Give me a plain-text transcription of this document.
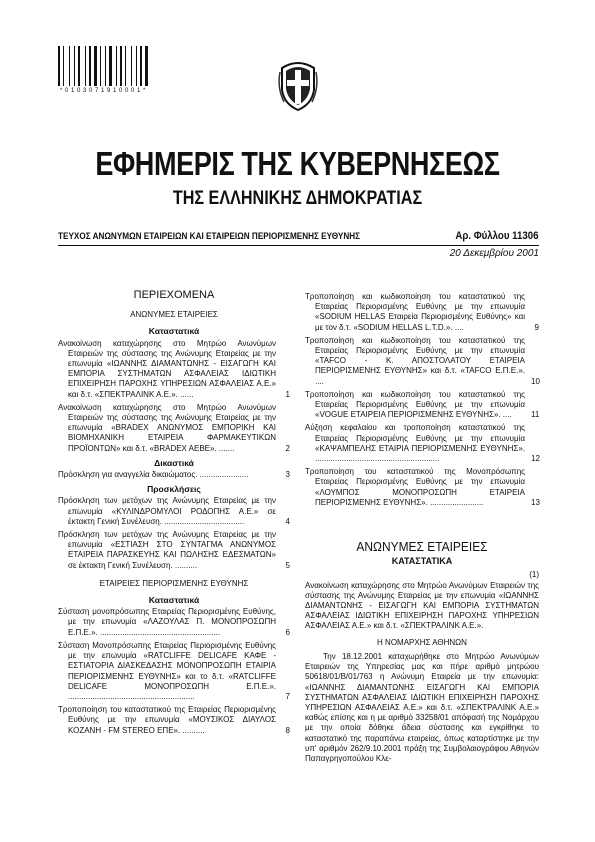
* 0 1 0 3 0 7 1 9 1 0 0 0 1 *
ΕΦΗΜΕΡΙΣ ΤΗΣ ΚΥΒΕΡΝΗΣΕΩΣ
ΤΗΣ ΕΛΛΗΝΙΚΗΣ ΔΗΜΟΚΡΑΤΙΑΣ
ΤΕΥΧΟΣ ΑΝΩΝΥΜΩΝ ΕΤΑΙΡΕΙΩΝ ΚΑΙ ΕΤΑΙΡΕΙΩΝ ΠΕΡΙΟΡΙΣΜΕΝΗΣ ΕΥΘΥΝΗΣ	Αρ. Φύλλου 11306
20 Δεκεμβρίου 2001
ΠΕΡΙΕΧΟΜΕΝΑ
ΑΝΩΝΥΜΕΣ ΕΤΑΙΡΕΙΕΣ
Καταστατικά
Ανακοίνωση καταχώρησης στο Μητρώο Ανωνύμων Εταιρειών της σύστασης της Ανώνυμης Εταιρείας με την επωνυμία «ΙΩΑΝΝΗΣ ΔΙΑΜΑΝΤΩΝΗΣ - ΕΙΣΑΓΩΓΗ ΚΑΙ ΕΜΠΟΡΙΑ ΣΥΣΤΗΜΑΤΩΝ ΑΣΦΑΛΕΙΑΣ ΙΔΙΩΤΙΚΗ ΕΠΙΧΕΙΡΗΣΗ ΠΑΡΟΧΗΣ ΥΠΗΡΕΣΙΩΝ ΑΣΦΑΛΕΙΑΣ Α.Ε.» και δ.τ. «ΣΠΕΚΤΡΑΛΙΝΚ Α.Ε.». ......	1
Ανακοίνωση καταχώρησης στο Μητρώο Ανωνύμων Εταιρειών της σύστασης της Ανώνυμης Εταιρείας με την επωνυμία «BRADEX ΑΝΩΝΥΜΟΣ ΕΜΠΟΡΙΚΗ ΚΑΙ ΒΙΟΜΗΧΑΝΙΚΗ ΕΤΑΙΡΕΙΑ ΦΑΡΜΑΚΕΥΤΙΚΩΝ ΠΡΟΪΟΝΤΩΝ» και δ.τ. «BRADEX AEBE». .......	2
Δικαστικά
Πρόσκληση για αναγγελία δικαιώματος. ......................	3
Προσκλήσεις
Πρόσκληση των μετόχων της Ανώνυμης Εταιρείας με την επωνυμία «ΚΥΛΙΝΔΡΟΜΥΛΟΙ ΡΟΔΟΠΗΣ Α.Ε.» σε έκτακτη Γενική Συνέλευση. ....................................	4
Πρόσκληση των μετόχων της Ανώνυμης Εταιρείας με την επωνυμία «ΕΣΤΙΑΣΗ ΣΤΟ ΣΥΝΤΑΓΜΑ ΑΝΩΝΥΜΟΣ ΕΤΑΙΡΕΙΑ ΠΑΡΑΣΚΕΥΗΣ ΚΑΙ ΠΩΛΗΣΗΣ ΕΔΕΣΜΑΤΩΝ» σε έκτακτη Γενική Συνέλευση. ..........	5
ΕΤΑΙΡΕΙΕΣ ΠΕΡΙΟΡΙΣΜΕΝΗΣ ΕΥΘΥΝΗΣ
Καταστατικά
Σύσταση μονοπρόσωπης Εταιρείας Περιορισμένης Ευθύνης, με την επωνυμία «ΛΑΖΟΥΛΑΣ Π. ΜΟΝΟΠΡΟΣΩΠΗ Ε.Π.Ε.». ......................................................	6
Σύσταση Μονοπρόσωπης Εταιρείας Περιορισμένης Ευθύνης με την επωνυμία «RATCLIFFE DELICAFE ΚΑΦΕ - ΕΣΤΙΑΤΟΡΙΑ ΔΙΑΣΚΕΔΑΣΗΣ ΜΟΝΟΠΡΟΣΩΠΗ ΕΤΑΙΡΙΑ ΠΕΡΙΟΡΙΣΜΕΝΗΣ ΕΥΘΥΝΗΣ» και το δ.τ. «RATCLIFFE DELICAFE ΜΟΝΟΠΡΟΣΩΠΗ Ε.Π.Ε.». .........................................................	7
Τροποποίηση του καταστατικού της Εταιρείας Περιορισμένης Ευθύνης με την επωνυμία «ΜΟΥΣΙΚΟΣ ΔΙΑΥΛΟΣ ΚΟΖΑΝΗ - FM STEREO ΕΠΕ». ..........	8
Τροποποίηση και κωδικοποίηση του καταστατικού της Εταιρείας Περιορισμένης Ευθύνης με την επωνυμία «SODIUM HELLAS Εταιρεία Περιορισμένης Ευθύνης» και με τον δ.τ. «SODIUM HELLAS L.T.D.». ....	9
Τροποποίηση και κωδικοποίηση του καταστατικού της Εταιρείας Περιορισμένης Ευθύνης με την επωνυμία «TAFCO - Κ. ΑΠΟΣΤΟΛΑΤΟΥ ΕΤΑΙΡΕΙΑ ΠΕΡΙΟΡΙΣΜΕΝΗΣ ΕΥΘΥΝΗΣ» και δ.τ. «TAFCO Ε.Π.Ε.». ....	10
Τροποποίηση και κωδικοποίηση του καταστατικού της Εταιρείας Περιορισμένης Ευθύνης με την επωνυμία «VOGUE ΕΤΑΙΡΕΙΑ ΠΕΡΙΟΡΙΣΜΕΝΗΣ ΕΥΘΥΝΗΣ». ....	11
Αύξηση κεφαλαίου και τροποποίηση καταστατικού της Εταιρείας Περιορισμένης Ευθύνης με την επωνυμία «ΚΑΨΑΜΠΕΛΗΣ ΕΤΑΙΡΙΑ ΠΕΡΙΟΡΙΣΜΕΝΗΣ ΕΥΘΥΝΗΣ». ........................................................	12
Τροποποίηση του καταστατικού της Μονοπρόσωπης Εταιρείας Περιορισμένης Ευθύνης με την επωνυμία «ΛΟΥΜΠΟΣ ΜΟΝΟΠΡΟΣΩΠΗ ΕΤΑΙΡΕΙΑ ΠΕΡΙΟΡΙΣΜΕΝΗΣ ΕΥΘΥΝΗΣ». ........................	13
ΑΝΩΝΥΜΕΣ ΕΤΑΙΡΕΙΕΣ
ΚΑΤΑΣΤΑΤΙΚΑ
(1)
Ανακοίνωση καταχώρησης στο Μητρώο Ανωνύμων Εταιρειών της σύστασης της Ανώνυμης Εταιρείας με την επωνυμία «ΙΩΑΝΝΗΣ ΔΙΑΜΑΝΤΩΝΗΣ - ΕΙΣΑΓΩΓΗ ΚΑΙ ΕΜΠΟΡΙΑ ΣΥΣΤΗΜΑΤΩΝ ΑΣΦΑΛΕΙΑΣ ΙΔΙΩΤΙΚΗ ΕΠΙΧΕΙΡΗΣΗ ΠΑΡΟΧΗΣ ΥΠΗΡΕΣΙΩΝ ΑΣΦΑΛΕΙΑΣ Α.Ε.» και δ.τ. «ΣΠΕΚΤΡΑΛΙΝΚ Α.Ε.».
Η ΝΟΜΑΡΧΗΣ ΑΘΗΝΩΝ
Την 18.12.2001 καταχωρήθηκε στο Μητρώο Ανωνύμων Εταιρειών της Υπηρεσίας μας και πήρε αριθμό μητρώου 50618/01/Β/01/763 η Ανώνυμη Εταιρεία με την επωνυμία: «ΙΩΑΝΝΗΣ ΔΙΑΜΑΝΤΩΝΗΣ ΕΙΣΑΓΩΓΗ ΚΑΙ ΕΜΠΟΡΙΑ ΣΥΣΤΗΜΑΤΩΝ ΑΣΦΑΛΕΙΑΣ ΙΔΙΩΤΙΚΗ ΕΠΙΧΕΙΡΗΣΗ ΠΑΡΟΧΗΣ ΥΠΗΡΕΣΙΩΝ ΑΣΦΑΛΕΙΑΣ Α.Ε.» και δ.τ. «ΣΠΕΚΤΡΑΛΙΝΚ Α.Ε.» καθώς επίσης και η με αριθμό 33258/01 απόφασή της Νομάρχου με την οποία δόθηκε άδεια σύστασης και εγκρίθηκε το καταστατικό της παραπάνω εταιρείας, όπως καταρτίστηκε με την υπ' αριθμόν 262/9.10.2001 πράξη της Συμβολαιογράφου Αθηνών Παπαγρηγοπούλου Κλε-
